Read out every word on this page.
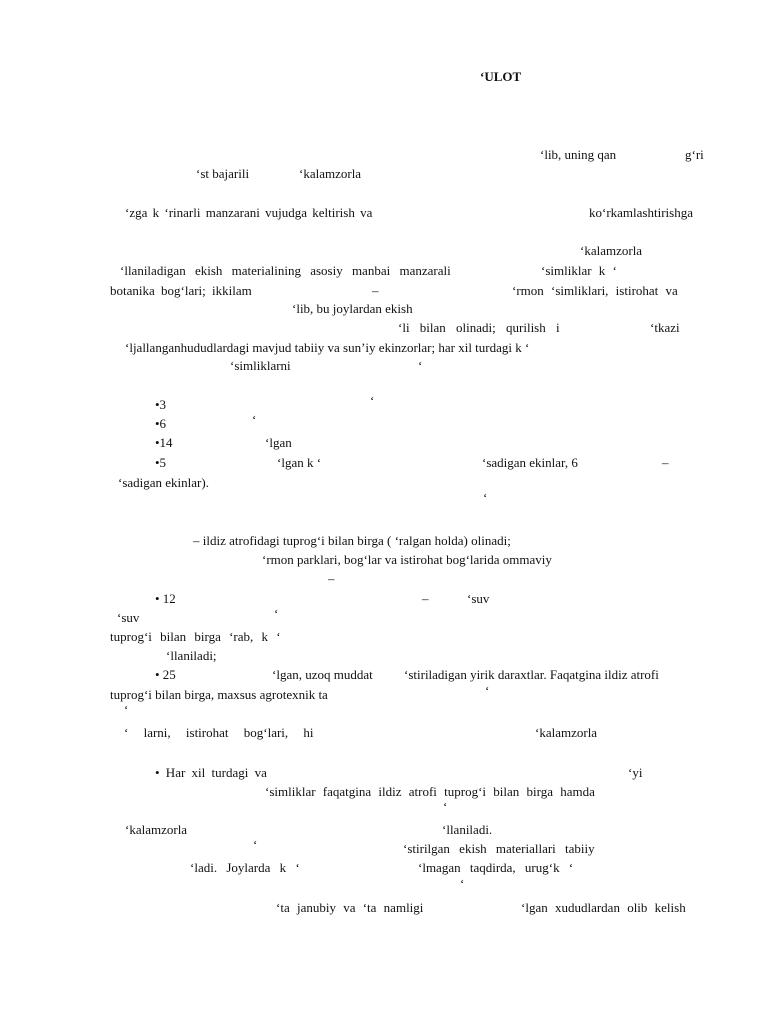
‘ULOT
‘lib, uning qan	g‘ri
‘st bajarili	‘kalamzorla
‘zga k ‘rinarli manzarani vujudga keltirish va	ko‘rkamlashtirishga
‘kalamzorla
‘llaniladigan ekish materialining asosiy manbai manzarali	‘simliklar k ‘
botanika bog‘lari; ikkilam	–	‘rmon ‘simliklari, istirohat va
‘lib, bu joylardan ekish
‘li bilan olinadi; qurilish i	‘tkazi
‘ljallanganhududlardagi mavjud tabiiy va sun’iy ekinzorlar; har xil turdagi k ‘
‘simliklarni	‘
•3	‘
•6	‘
•14	‘lgan
•5	‘lgan k ‘	‘sadigan ekinlar, 6	–
‘sadigan ekinlar).
‘
– ildiz atrofidagi tuprog‘i bilan birga ( ‘ralgan holda) olinadi;
‘rmon parklari, bog‘lar va istirohat bog‘larida ommaviy
–
• 12	–	‘suv
‘suv	‘
tuprog‘i bilan birga ‘rab, k ‘
‘llaniladi;
• 25	‘lgan, uzoq muddat ‘stiriladigan yirik daraxtlar. Faqatgina ildiz atrofi
tuprog‘i bilan birga, maxsus agrotexnik ta	‘
‘
‘ larni, istirohat bog‘lari, hi	‘kalamzorla
• Har xil turdagi va	‘yi
‘simliklar faqatgina ildiz atrofi tuprog‘i bilan birga hamda
‘
‘kalamzorla	‘llaniladi.
‘	‘stirilgan ekish materiallari tabiiy
‘ladi. Joylarda k ‘	‘lmagan taqdirda, urug‘k ‘
‘
‘ta janubiy va ‘ta namligi	‘lgan xududlardan olib kelish
